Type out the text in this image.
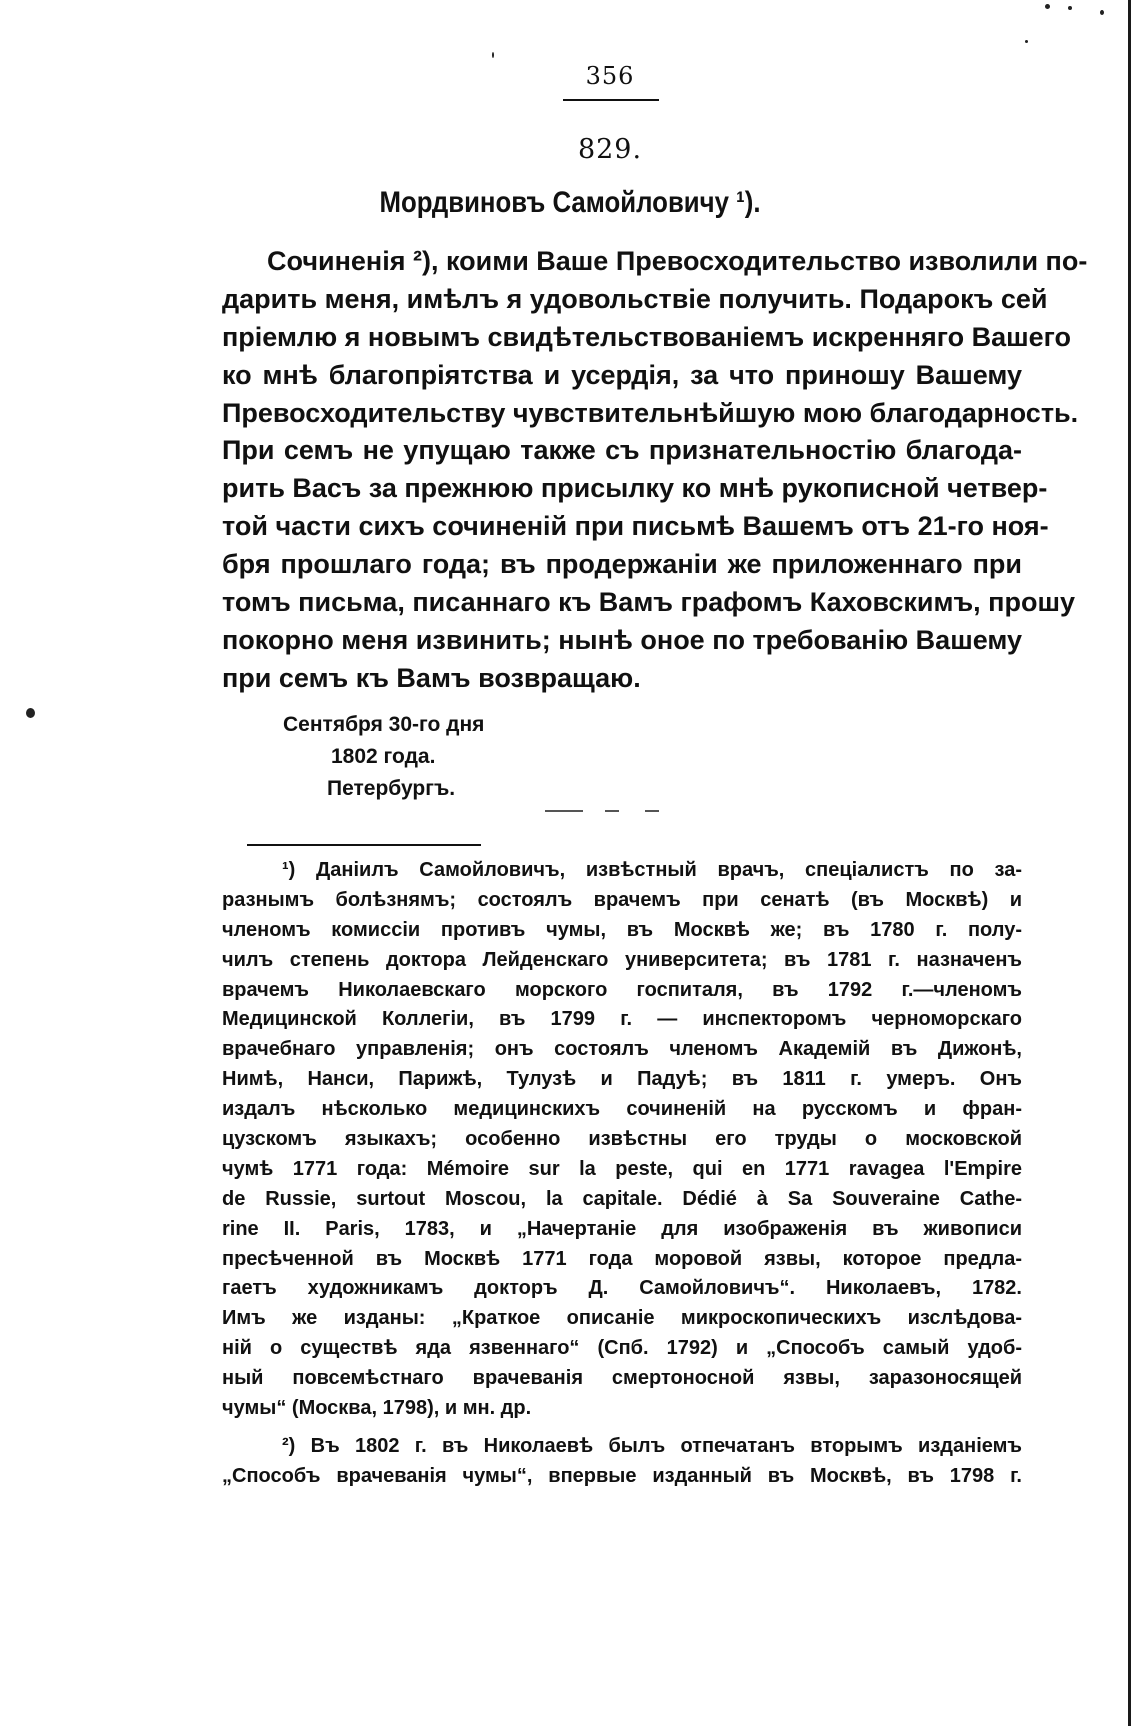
356
829.
Мордвиновъ Самойловичу ¹).
Сочиненія ²), коими Ваше Превосходительство изволили по-
дарить меня, имѣлъ я удовольствіе получить. Подарокъ сей
пріемлю я новымъ свидѣтельствованіемъ искренняго Вашего
ко мнѣ благопріятства и усердія, за что приношу Вашему
Превосходительству чувствительнѣйшую мою благодарность.
При семъ не упущаю также съ признательностію благода-
рить Васъ за прежнюю присылку ко мнѣ рукописной четвер-
той части сихъ сочиненій при письмѣ Вашемъ отъ 21-го ноя-
бря прошлаго года; въ продержаніи же приложеннаго при
томъ письма, писаннаго къ Вамъ графомъ Каховскимъ, прошу
покорно меня извинить; нынѣ оное по требованію Вашему
при семъ къ Вамъ возвращаю.
Сентября 30-го дня
1802 года.
Петербургъ.
¹) Даніилъ Самойловичъ, извѣстный врачъ, спеціалистъ по за-
разнымъ болѣзнямъ; состоялъ врачемъ при сенатѣ (въ Москвѣ) и
членомъ комиссіи противъ чумы, въ Москвѣ же; въ 1780 г. полу-
чилъ степень доктора Лейденскаго университета; въ 1781 г. назначенъ
врачемъ Николаевскаго морского госпиталя, въ 1792 г.—членомъ
Медицинской Коллегіи, въ 1799 г. — инспекторомъ черноморскаго
врачебнаго управленія; онъ состоялъ членомъ Академій въ Дижонѣ,
Нимѣ, Нанси, Парижѣ, Тулузѣ и Падуѣ; въ 1811 г. умеръ. Онъ
издалъ нѣсколько медицинскихъ сочиненій на русскомъ и фран-
цузскомъ языкахъ; особенно извѣстны его труды о московской
чумѣ 1771 года: Mémoire sur la peste, qui en 1771 ravagea l'Empire
de Russie, surtout Moscou, la capitale. Dédié à Sa Souveraine Cathe-
rine II. Paris, 1783, и „Начертаніе для изображенія въ живописи
пресѣченной въ Москвѣ 1771 года моровой язвы, которое предла-
гаетъ художникамъ докторъ Д. Самойловичъ“. Николаевъ, 1782.
Имъ же изданы: „Краткое описаніе микроскопическихъ изслѣдова-
ній о существѣ яда язвеннаго“ (Спб. 1792) и „Способъ самый удоб-
ный повсемѣстнаго врачеванія смертоносной язвы, заразоносящей
чумы“ (Москва, 1798), и мн. др.
²) Въ 1802 г. въ Николаевѣ былъ отпечатанъ вторымъ изданіемъ
„Способъ врачеванія чумы“, впервые изданный въ Москвѣ, въ 1798 г.
